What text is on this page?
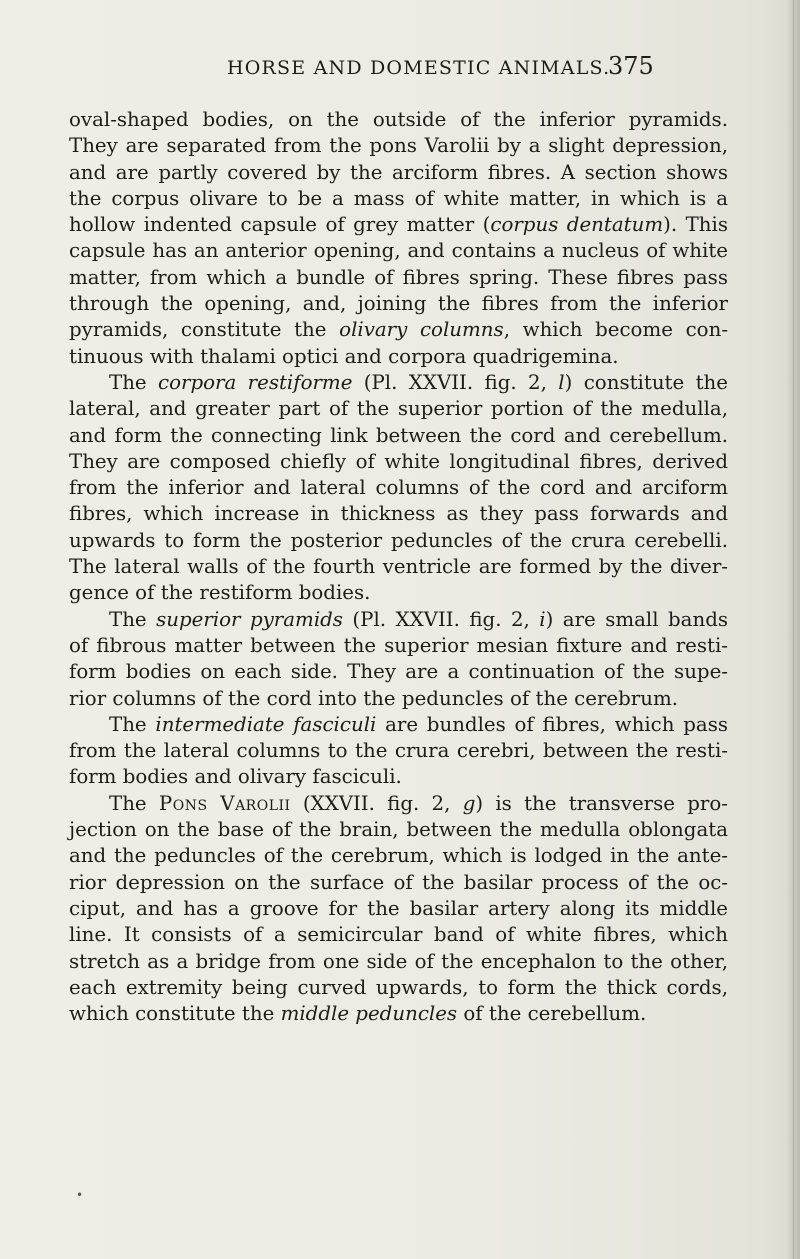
HORSE AND DOMESTIC ANIMALS.
375
oval-shaped bodies, on the outside of the inferior pyramids.
They are separated from the pons Varolii by a slight depression,
and are partly covered by the arciform fibres. A section shows
the corpus olivare to be a mass of white matter, in which is a
hollow indented capsule of grey matter (corpus dentatum). This
capsule has an anterior opening, and contains a nucleus of white
matter, from which a bundle of fibres spring. These fibres pass
through the opening, and, joining the fibres from the inferior
pyramids, constitute the olivary columns, which become con-
tinuous with thalami optici and corpora quadrigemina.
The corpora restiforme (Pl. XXVII. fig. 2, l) constitute the
lateral, and greater part of the superior portion of the medulla,
and form the connecting link between the cord and cerebellum.
They are composed chiefly of white longitudinal fibres, derived
from the inferior and lateral columns of the cord and arciform
fibres, which increase in thickness as they pass forwards and
upwards to form the posterior peduncles of the crura cerebelli.
The lateral walls of the fourth ventricle are formed by the diver-
gence of the restiform bodies.
The superior pyramids (Pl. XXVII. fig. 2, i) are small bands
of fibrous matter between the superior mesian fixture and resti-
form bodies on each side. They are a continuation of the supe-
rior columns of the cord into the peduncles of the cerebrum.
The intermediate fasciculi are bundles of fibres, which pass
from the lateral columns to the crura cerebri, between the resti-
form bodies and olivary fasciculi.
The Pons Varolii (XXVII. fig. 2, g) is the transverse pro-
jection on the base of the brain, between the medulla oblongata
and the peduncles of the cerebrum, which is lodged in the ante-
rior depression on the surface of the basilar process of the oc-
ciput, and has a groove for the basilar artery along its middle
line. It consists of a semicircular band of white fibres, which
stretch as a bridge from one side of the encephalon to the other,
each extremity being curved upwards, to form the thick cords,
which constitute the middle peduncles of the cerebellum.
•
